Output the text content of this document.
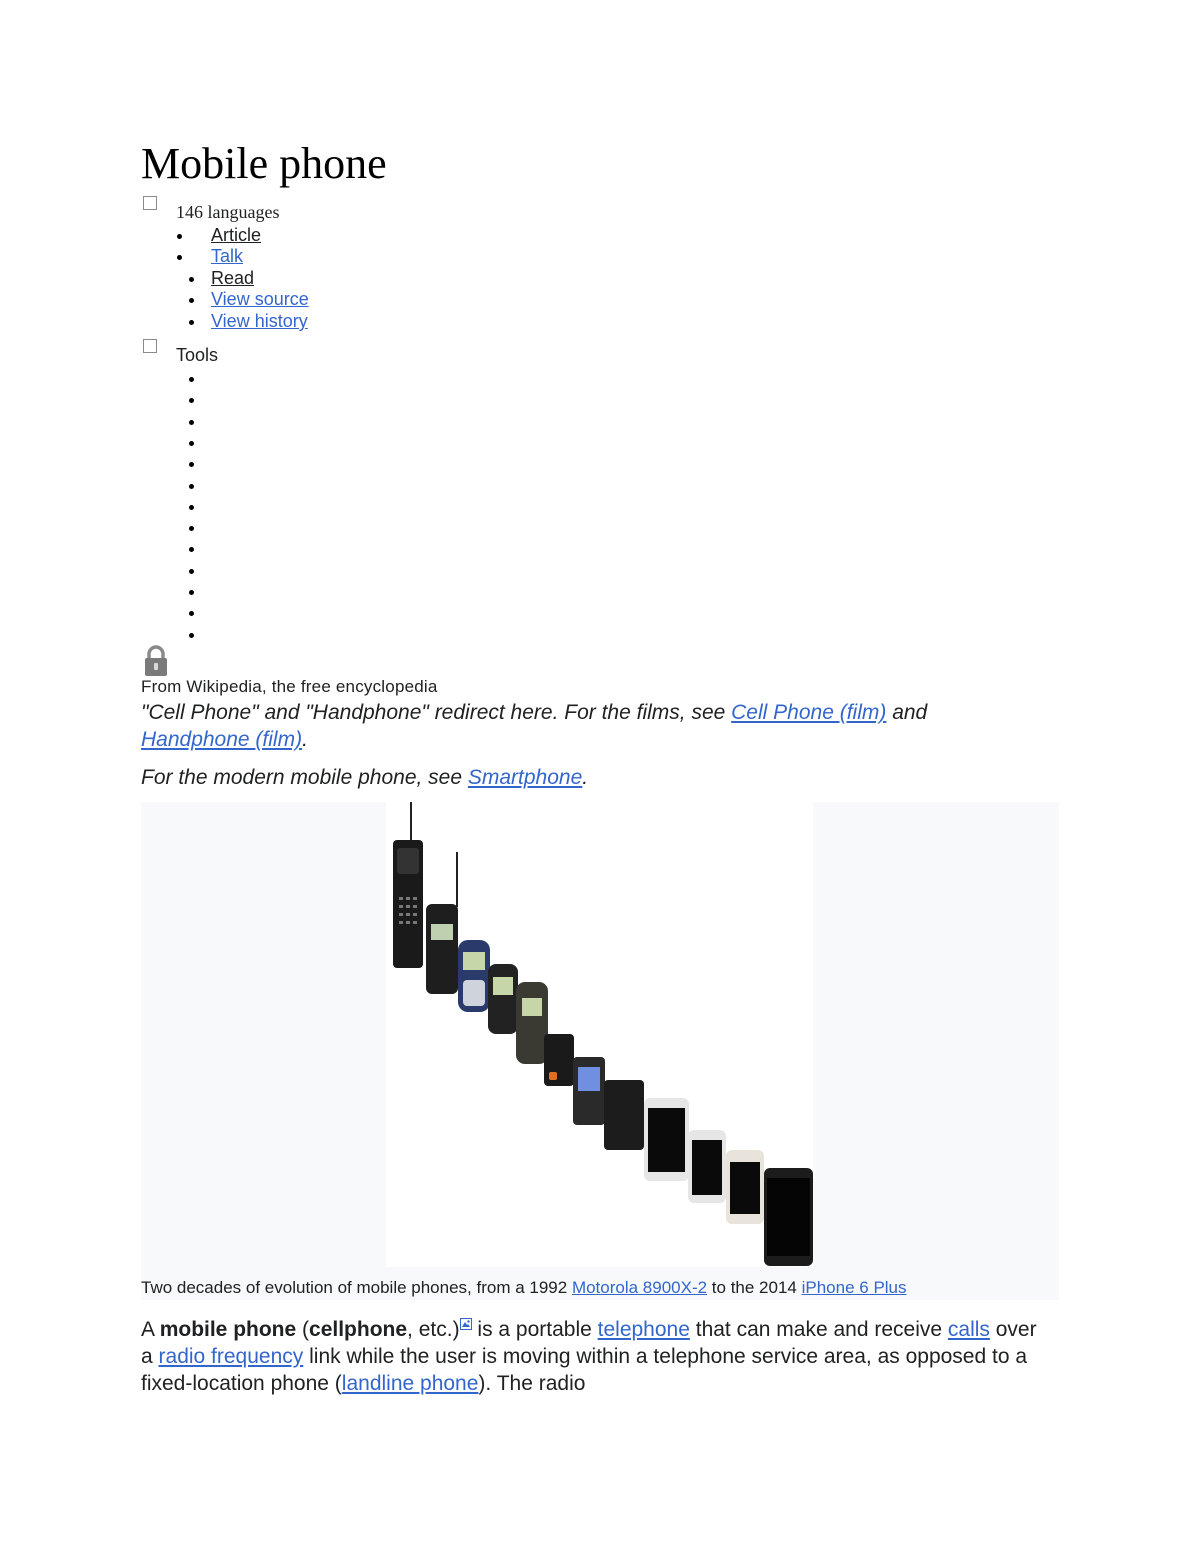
Mobile phone
146 languages
Article
Talk
Read
View source
View history
Tools
From Wikipedia, the free encyclopedia
"Cell Phone" and "Handphone" redirect here. For the films, see Cell Phone (film) and Handphone (film).
For the modern mobile phone, see Smartphone.
Two decades of evolution of mobile phones, from a 1992 Motorola 8900X-2 to the 2014 iPhone 6 Plus

A mobile phone (cellphone, etc.) is a portable telephone that can make and receive calls over a radio frequency link while the user is moving within a telephone service area, as opposed to a fixed-location phone (landline phone). The radio
